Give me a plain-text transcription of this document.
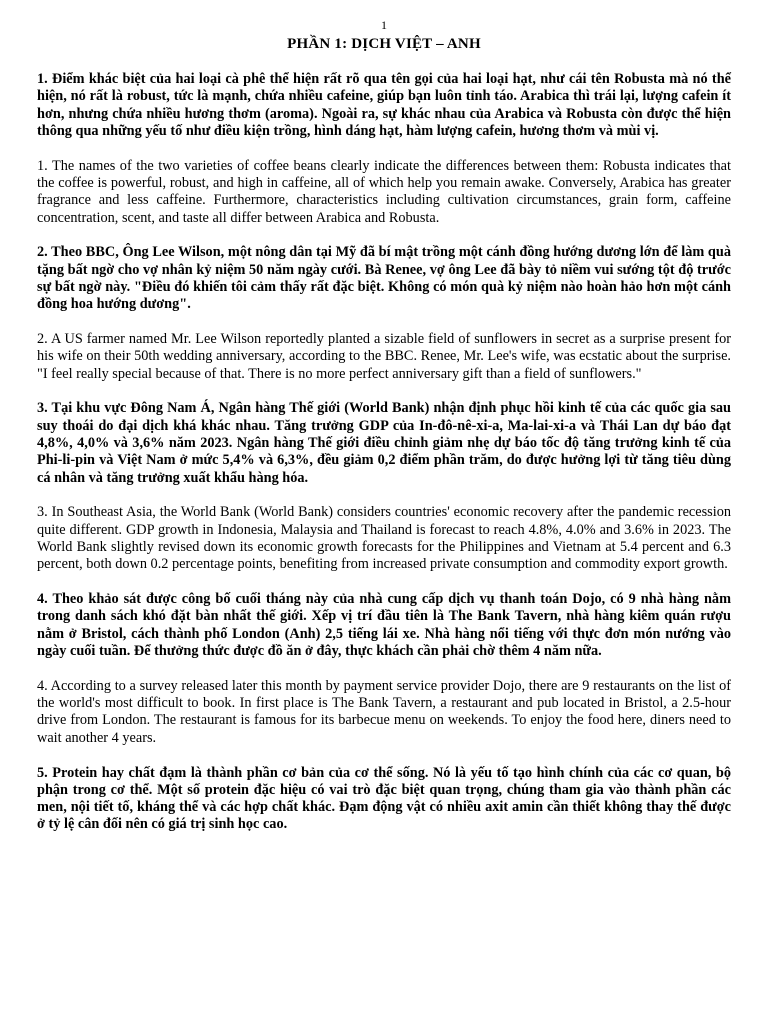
1
PHẦN 1: DỊCH VIỆT – ANH

1. Điểm khác biệt của hai loại cà phê thể hiện rất rõ qua tên gọi của hai loại hạt, như cái tên Robusta mà nó thể hiện, nó rất là robust, tức là mạnh, chứa nhiều cafeine, giúp bạn luôn tỉnh táo. Arabica thì trái lại, lượng cafein ít hơn, nhưng chứa nhiều hương thơm (aroma). Ngoài ra, sự khác nhau của Arabica và Robusta còn được thể hiện thông qua những yếu tố như điều kiện trồng, hình dáng hạt, hàm lượng cafein, hương thơm và mùi vị.

1. The names of the two varieties of coffee beans clearly indicate the differences between them: Robusta indicates that the coffee is powerful, robust, and high in caffeine, all of which help you remain awake. Conversely, Arabica has greater fragrance and less caffeine. Furthermore, characteristics including cultivation circumstances, grain form, caffeine concentration, scent, and taste all differ between Arabica and Robusta.

2. Theo BBC, Ông Lee Wilson, một nông dân tại Mỹ đã bí mật trồng một cánh đồng hướng dương lớn để làm quà tặng bất ngờ cho vợ nhân kỷ niệm 50 năm ngày cưới. Bà Renee, vợ ông Lee đã bày tỏ niềm vui sướng tột độ trước sự bất ngờ này. "Điều đó khiến tôi cảm thấy rất đặc biệt. Không có món quà kỷ niệm nào hoàn hảo hơn một cánh đồng hoa hướng dương".

2. A US farmer named Mr. Lee Wilson reportedly planted a sizable field of sunflowers in secret as a surprise present for his wife on their 50th wedding anniversary, according to the BBC. Renee, Mr. Lee's wife, was ecstatic about the surprise. "I feel really special because of that. There is no more perfect anniversary gift than a field of sunflowers."

3. Tại khu vực Đông Nam Á, Ngân hàng Thế giới (World Bank) nhận định phục hồi kinh tế của các quốc gia sau suy thoái do đại dịch khá khác nhau. Tăng trưởng GDP của In-đô-nê-xi-a, Ma-lai-xi-a và Thái Lan dự báo đạt 4,8%, 4,0% và 3,6% năm 2023. Ngân hàng Thế giới điều chỉnh giảm nhẹ dự báo tốc độ tăng trưởng kinh tế của Phi-li-pin và Việt Nam ở mức 5,4% và 6,3%, đều giảm 0,2 điểm phần trăm, do được hưởng lợi từ tăng tiêu dùng cá nhân và tăng trưởng xuất khẩu hàng hóa.

3. In Southeast Asia, the World Bank (World Bank) considers countries' economic recovery after the pandemic recession quite different. GDP growth in Indonesia, Malaysia and Thailand is forecast to reach 4.8%, 4.0% and 3.6% in 2023. The World Bank slightly revised down its economic growth forecasts for the Philippines and Vietnam at 5.4 percent and 6.3 percent, both down 0.2 percentage points, benefiting from increased private consumption and commodity export growth.

4. Theo khảo sát được công bố cuối tháng này của nhà cung cấp dịch vụ thanh toán Dojo, có 9 nhà hàng nằm trong danh sách khó đặt bàn nhất thế giới. Xếp vị trí đầu tiên là The Bank Tavern, nhà hàng kiêm quán rượu nằm ở Bristol, cách thành phố London (Anh) 2,5 tiếng lái xe. Nhà hàng nổi tiếng với thực đơn món nướng vào ngày cuối tuần. Để thưởng thức được đồ ăn ở đây, thực khách cần phải chờ thêm 4 năm nữa.

4. According to a survey released later this month by payment service provider Dojo, there are 9 restaurants on the list of the world's most difficult to book. In first place is The Bank Tavern, a restaurant and pub located in Bristol, a 2.5-hour drive from London. The restaurant is famous for its barbecue menu on weekends. To enjoy the food here, diners need to wait another 4 years.

5. Protein hay chất đạm là thành phần cơ bản của cơ thể sống. Nó là yếu tố tạo hình chính của các cơ quan, bộ phận trong cơ thể. Một số protein đặc hiệu có vai trò đặc biệt quan trọng, chúng tham gia vào thành phần các men, nội tiết tố, kháng thể và các hợp chất khác. Đạm động vật có nhiều axit amin cần thiết không thay thế được ở tỷ lệ cân đối nên có giá trị sinh học cao.
